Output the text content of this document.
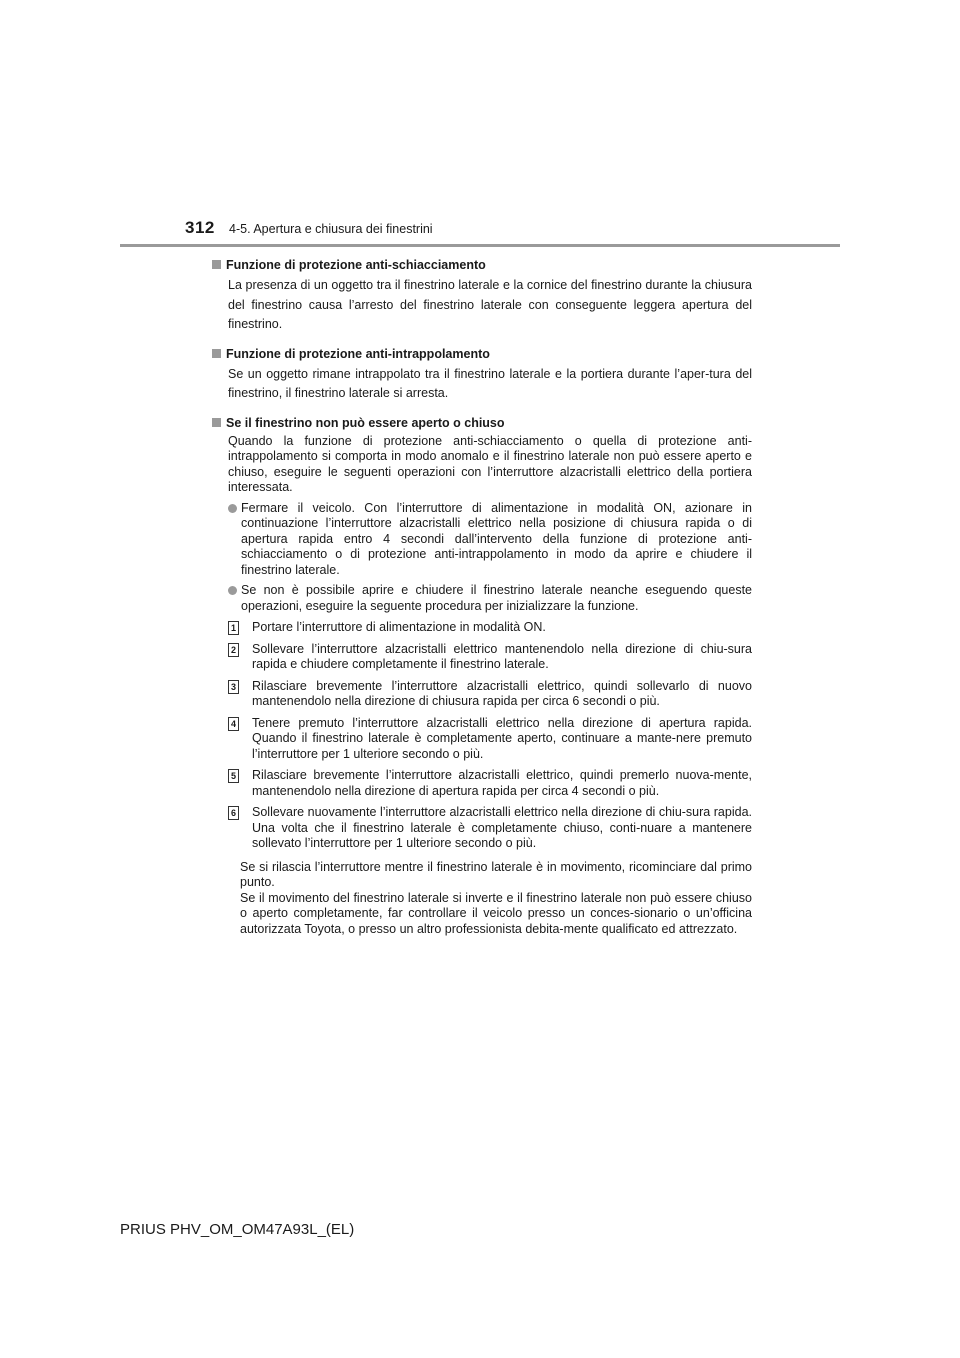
312 4-5. Apertura e chiusura dei finestrini
Funzione di protezione anti-schiacciamento

La presenza di un oggetto tra il finestrino laterale e la cornice del finestrino durante la chiusura del finestrino causa l’arresto del finestrino laterale con conseguente leggera apertura del finestrino.

Funzione di protezione anti-intrappolamento

Se un oggetto rimane intrappolato tra il finestrino laterale e la portiera durante l’aper-tura del finestrino, il finestrino laterale si arresta.

Se il finestrino non può essere aperto o chiuso

Quando la funzione di protezione anti-schiacciamento o quella di protezione anti-intrappolamento si comporta in modo anomalo e il finestrino laterale non può essere aperto e chiuso, eseguire le seguenti operazioni con l’interruttore alzacristalli elettrico della portiera interessata.

Fermare il veicolo. Con l’interruttore di alimentazione in modalità ON, azionare in continuazione l’interruttore alzacristalli elettrico nella posizione di chiusura rapida o di apertura rapida entro 4 secondi dall’intervento della funzione di protezione anti-schiacciamento o di protezione anti-intrappolamento in modo da aprire e chiudere il finestrino laterale.
Se non è possibile aprire e chiudere il finestrino laterale neanche eseguendo queste operazioni, eseguire la seguente procedura per inizializzare la funzione.
1 Portare l’interruttore di alimentazione in modalità ON.
2 Sollevare l’interruttore alzacristalli elettrico mantenendolo nella direzione di chiu-sura rapida e chiudere completamente il finestrino laterale.
3 Rilasciare brevemente l’interruttore alzacristalli elettrico, quindi sollevarlo di nuovo mantenendolo nella direzione di chiusura rapida per circa 6 secondi o più.
4 Tenere premuto l’interruttore alzacristalli elettrico nella direzione di apertura rapida. Quando il finestrino laterale è completamente aperto, continuare a mante-nere premuto l’interruttore per 1 ulteriore secondo o più.
5 Rilasciare brevemente l’interruttore alzacristalli elettrico, quindi premerlo nuova-mente, mantenendolo nella direzione di apertura rapida per circa 4 secondi o più.
6 Sollevare nuovamente l’interruttore alzacristalli elettrico nella direzione di chiu-sura rapida. Una volta che il finestrino laterale è completamente chiuso, conti-nuare a mantenere sollevato l’interruttore per 1 ulteriore secondo o più.
Se si rilascia l’interruttore mentre il finestrino laterale è in movimento, ricominciare dal primo punto.
Se il movimento del finestrino laterale si inverte e il finestrino laterale non può essere chiuso o aperto completamente, far controllare il veicolo presso un conces-sionario o un’officina autorizzata Toyota, o presso un altro professionista debita-mente qualificato ed attrezzato.
PRIUS PHV_OM_OM47A93L_(EL)
